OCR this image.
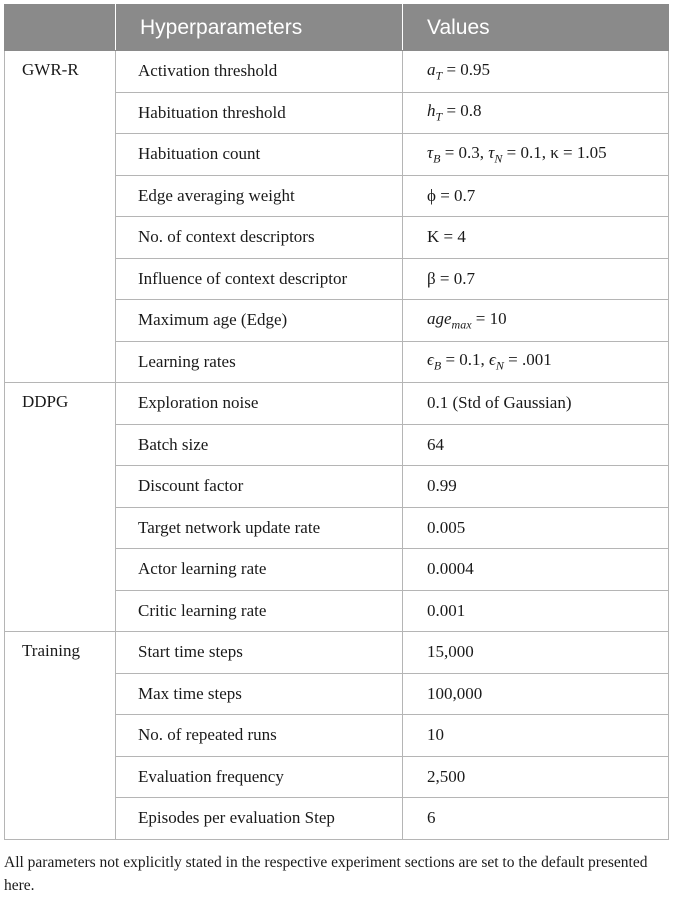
	Hyperparameters	Values
GWR-R	Activation threshold	$a_T = 0.95$
	Habituation threshold	$h_T = 0.8$
	Habituation count	$\tau_B = 0.3$, $\tau_N = 0.1$, κ = 1.05
	Edge averaging weight	ϕ = 0.7
	No. of context descriptors	K = 4
	Influence of context descriptor	β = 0.7
	Maximum age (Edge)	age$_{max}$ = 10
	Learning rates	$\epsilon_B = 0.1$, $\epsilon_N = .001$
DDPG	Exploration noise	0.1 (Std of Gaussian)
	Batch size	64
	Discount factor	0.99
	Target network update rate	0.005
	Actor learning rate	0.0004
	Critic learning rate	0.001
Training	Start time steps	15,000
	Max time steps	100,000
	No. of repeated runs	10
	Evaluation frequency	2,500
	Episodes per evaluation Step	6
All parameters not explicitly stated in the respective experiment sections are set to the default presented here.
